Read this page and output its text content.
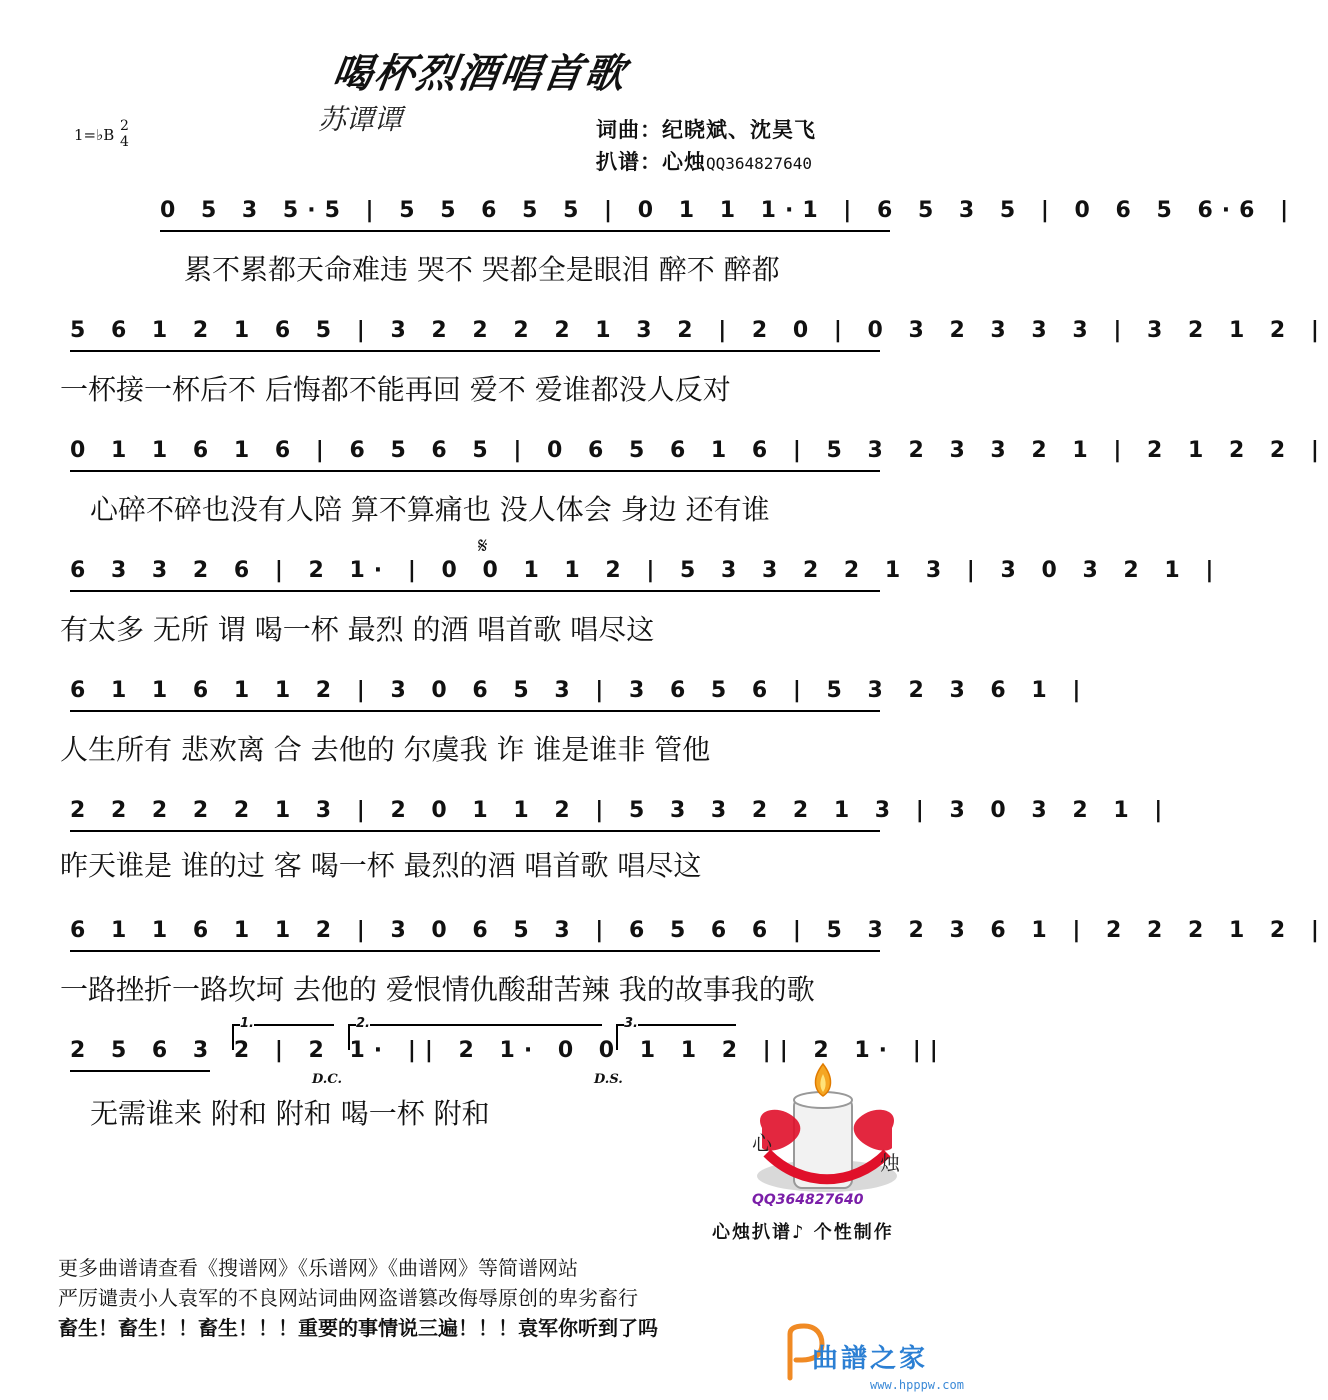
喝杯烈酒唱首歌
苏谭谭
1=♭B 2
4	词曲：纪晓斌、沈昊飞
扒谱：心烛QQ364827640
0 5 3 5·5 | 5 5 6 5 5 | 0 1 1 1·1 | 6 5 3 5 | 0 6 5 6·6 |
累不累都天命难违 哭不 哭都全是眼泪 醉不 醉都
5 6 1 2 1 6 5 | 3 2 2 2 2 1 3 2 | 2 0 | 0 3 2 3 3 3 | 3 2 1 2 |
一杯接一杯后不 后悔都不能再回 爱不 爱谁都没人反对
0 1 1 6 1 6 | 6 5 6 5 | 0 6 5 6 1 6 | 5 3 2 3 3 2 1 | 2 1 2 2 |
心碎不碎也没有人陪 算不算痛也 没人体会 身边 还有谁
𝄋
6 3 3 2 6 | 2 1· | 0 0 1 1 2 | 5 3 3 2 2 1 3 | 3 0 3 2 1 |
有太多 无所 谓 喝一杯 最烈 的酒 唱首歌 唱尽这
6 1 1 6 1 1 2 | 3 0 6 5 3 | 3 6 5 6 | 5 3 2 3 6 1 |
人生所有 悲欢离 合 去他的 尔虞我 诈 谁是谁非 管他
2 2 2 2 2 1 3 | 2 0 1 1 2 | 5 3 3 2 2 1 3 | 3 0 3 2 1 |
昨天谁是 谁的过 客 喝一杯 最烈的酒 唱首歌 唱尽这
6 1 1 6 1 1 2 | 3 0 6 5 3 | 6 5 6 6 | 5 3 2 3 6 1 | 2 2 2 1 2 |
一路挫折一路坎坷 去他的 爱恨情仇酸甜苦辣 我的故事我的歌
1.	2.	3.
2 5 6 3 2 | 2 1· || 2 1· 0 0 1 1 2 || 2 1· ||
D.C.	D.S.
无需谁来 附和 附和 喝一杯 附和
心
烛
QQ364827640
心烛扒谱♪ 个性制作
更多曲谱请查看《搜谱网》《乐谱网》《曲谱网》等简谱网站
严厉谴责小人袁军的不良网站词曲网盗谱篡改侮辱原创的卑劣畜行
畜生！畜生！！畜生！！！重要的事情说三遍！！！袁军你听到了吗
曲譜之家
www.hpppw.com
